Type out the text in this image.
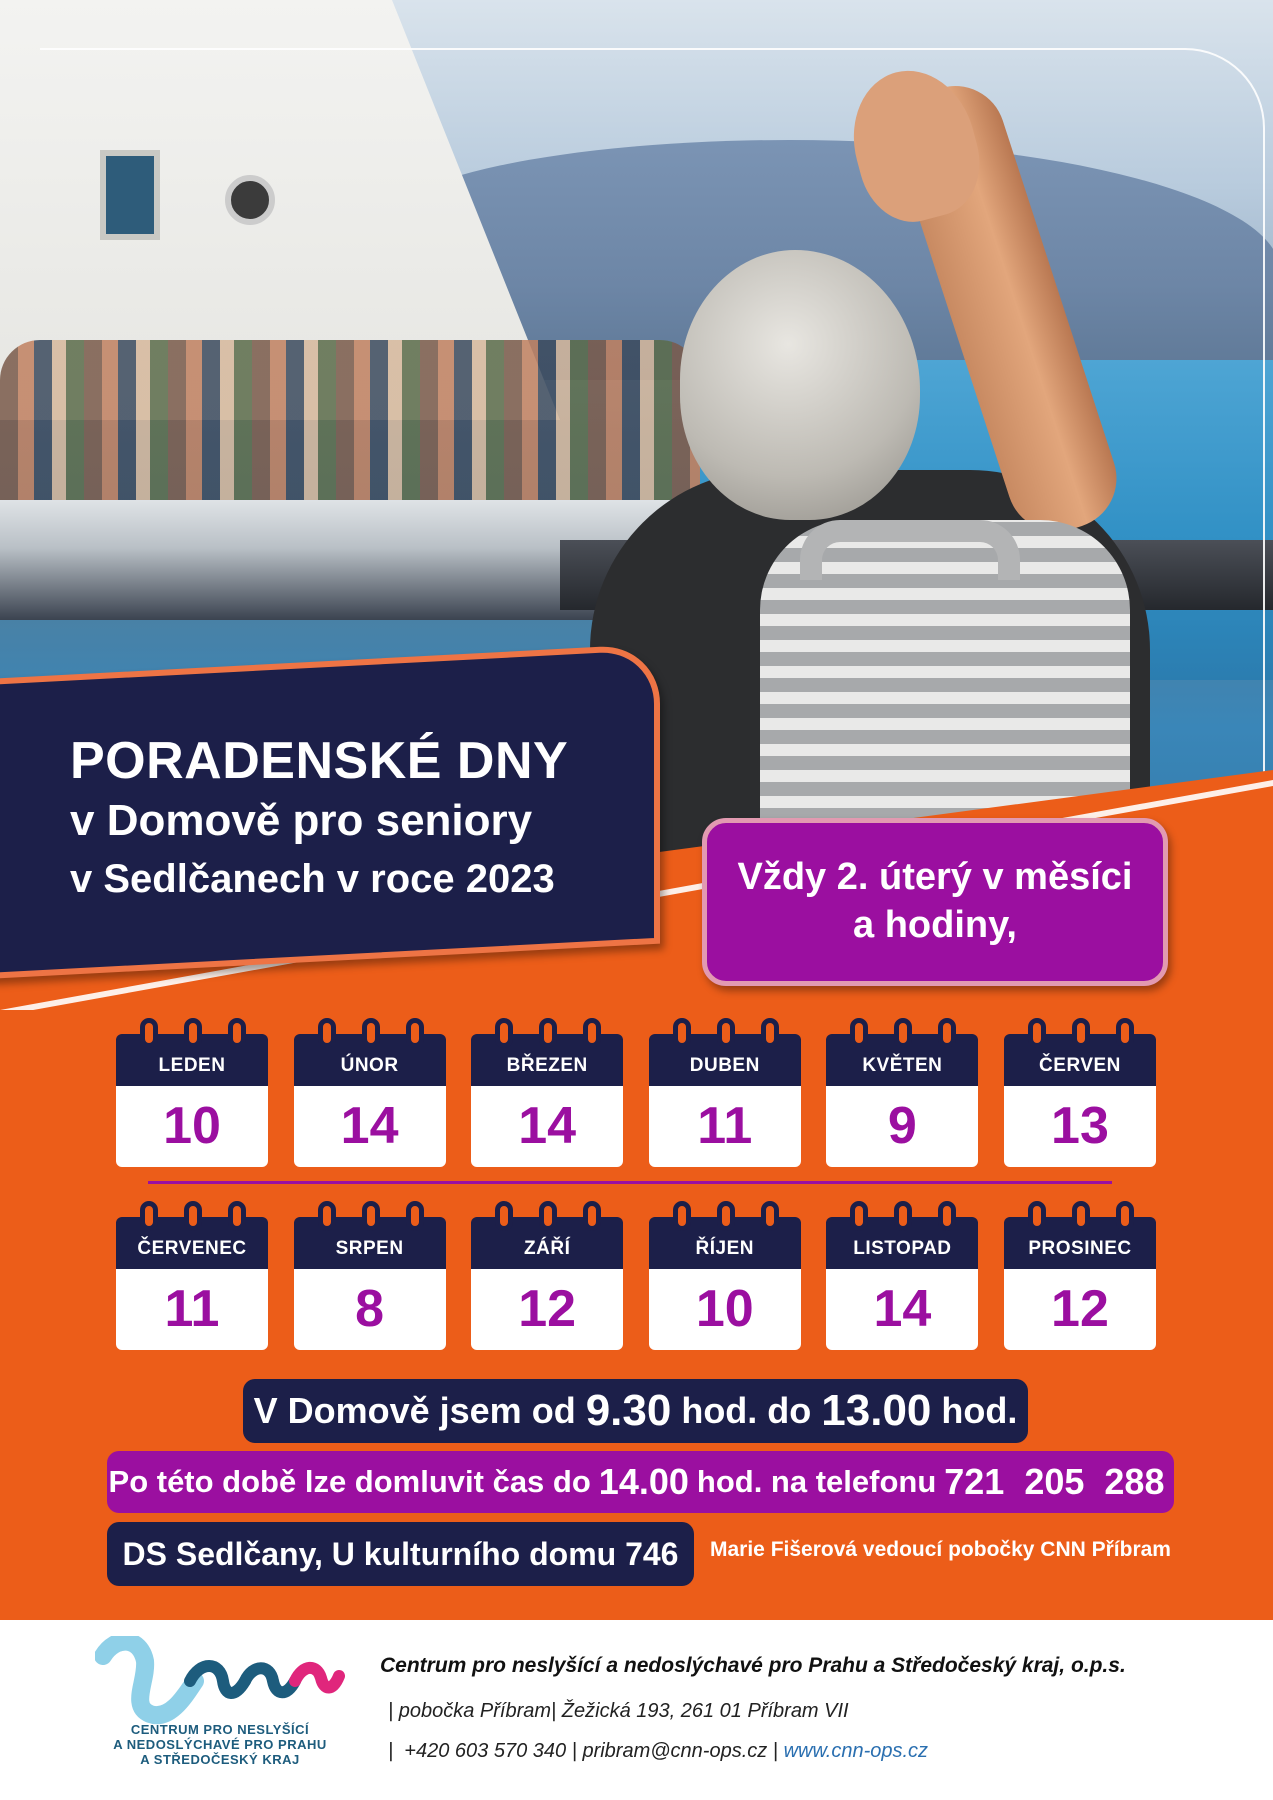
PORADENSKÉ DNY
v Domově pro seniory
v Sedlčanech v roce 2023	Vždy 2. úterý v měsíci
a hodiny,
LEDEN
10
ÚNOR
14
BŘEZEN
14
DUBEN
11
KVĚTEN
9
ČERVEN
13
ČERVENEC
11
SRPEN
8
ZÁŘÍ
12
ŘÍJEN
10
LISTOPAD
14
PROSINEC
12
V Domově jsem od 9.30 hod. do 13.00 hod.
Po této době lze domluvit čas do 14.00 hod. na telefonu 721  205  288
DS Sedlčany, U kulturního domu 746	Marie Fišerová vedoucí pobočky CNN Příbram
CENTRUM PRO NESLYŠÍCÍ
A NEDOSLÝCHAVÉ PRO PRAHU
A STŘEDOČESKÝ KRAJ
Centrum pro neslyšící a nedoslýchavé pro Prahu a Středočeský kraj, o.p.s.
| pobočka Příbram| Žežická 193, 261 01 Příbram VII
|  +420 603 570 340 | pribram@cnn-ops.cz | www.cnn-ops.cz
